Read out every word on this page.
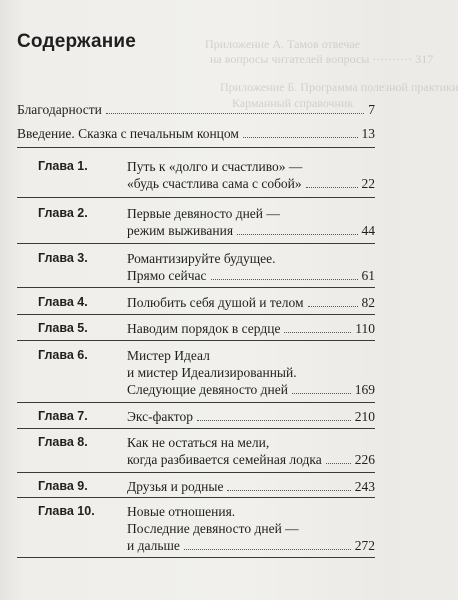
Приложение А. Тамов отвечае
на вопросы читателей вопросы ·········· 317
Приложение Б. Программа полезной практики
Карманный справочник
Содержание
Благодарности	7
Введение. Сказка с печальным концом	13
Глава 1.	Путь к «долго и счастливо» —
«будь счастлива сама с собой»	22
Глава 2.	Первые девяносто дней —
режим выживания	44
Глава 3.	Романтизируйте будущее.
Прямо сейчас	61
Глава 4.	Полюбить себя душой и телом	82
Глава 5.	Наводим порядок в сердце	110
Глава 6.	Мистер Идеал
и мистер Идеализированный.
Следующие девяносто дней	169
Глава 7.	Экс-фактор	210
Глава 8.	Как не остаться на мели,
когда разбивается семейная лодка 226
Глава 9.	Друзья и родные	243
Глава 10. Новые отношения.
Последние девяносто дней —
и дальше	272
